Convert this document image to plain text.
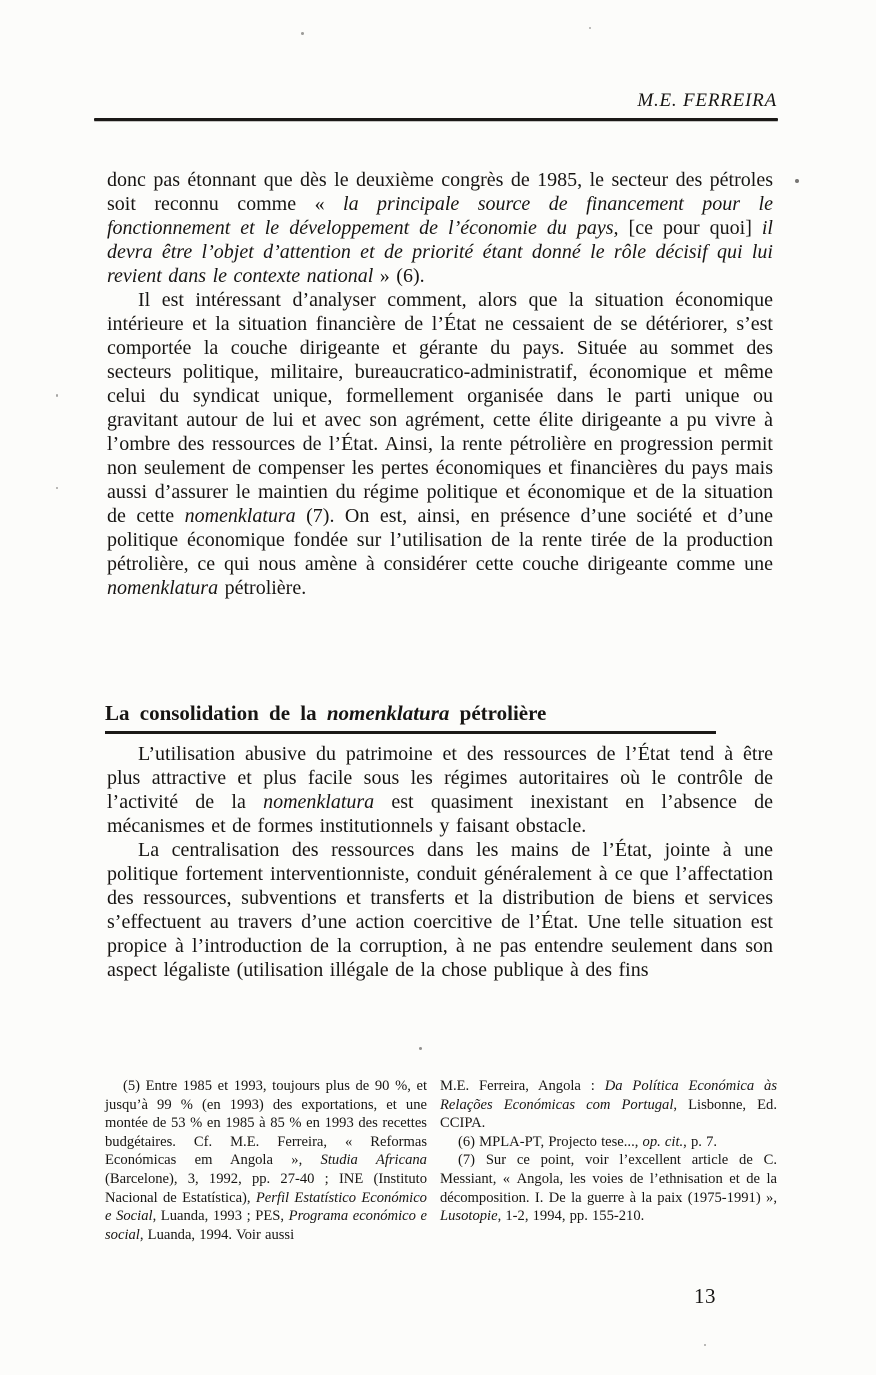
M.E. FERREIRA

donc pas étonnant que dès le deuxième congrès de 1985, le secteur des pétroles soit reconnu comme « la principale source de financement pour le fonctionnement et le développement de l’économie du pays, [ce pour quoi] il devra être l’objet d’attention et de priorité étant donné le rôle décisif qui lui revient dans le contexte national » (6).

Il est intéressant d’analyser comment, alors que la situation économique intérieure et la situation financière de l’État ne cessaient de se détériorer, s’est comportée la couche dirigeante et gérante du pays. Située au sommet des secteurs politique, militaire, bureaucratico-administratif, économique et même celui du syndicat unique, formellement organisée dans le parti unique ou gravitant autour de lui et avec son agrément, cette élite dirigeante a pu vivre à l’ombre des ressources de l’État. Ainsi, la rente pétrolière en progression permit non seulement de compenser les pertes économiques et financières du pays mais aussi d’assurer le maintien du régime politique et économique et de la situation de cette nomenklatura (7). On est, ainsi, en présence d’une société et d’une politique économique fondée sur l’utilisation de la rente tirée de la production pétrolière, ce qui nous amène à considérer cette couche dirigeante comme une nomenklatura pétrolière.

La consolidation de la nomenklatura pétrolière

L’utilisation abusive du patrimoine et des ressources de l’État tend à être plus attractive et plus facile sous les régimes autoritaires où le contrôle de l’activité de la nomenklatura est quasiment inexistant en l’absence de mécanismes et de formes institutionnels y faisant obstacle.

La centralisation des ressources dans les mains de l’État, jointe à une politique fortement interventionniste, conduit généralement à ce que l’affectation des ressources, subventions et transferts et la distribution de biens et services s’effectuent au travers d’une action coercitive de l’État. Une telle situation est propice à l’introduction de la corruption, à ne pas entendre seulement dans son aspect légaliste (utilisation illégale de la chose publique à des fins

(5) Entre 1985 et 1993, toujours plus de 90 %, et jusqu’à 99 % (en 1993) des exportations, et une montée de 53 % en 1985 à 85 % en 1993 des recettes budgétaires. Cf. M.E. Ferreira, « Reformas Económicas em Angola », Studia Africana (Barcelone), 3, 1992, pp. 27-40 ; INE (Instituto Nacional de Estatística), Perfil Estatístico Económico e Social, Luanda, 1993 ; PES, Programa económico e social, Luanda, 1994. Voir aussi

M.E. Ferreira, Angola : Da Política Económica às Relações Económicas com Portugal, Lisbonne, Ed. CCIPA.

(6) MPLA-PT, Projecto tese..., op. cit., p. 7.

(7) Sur ce point, voir l’excellent article de C. Messiant, « Angola, les voies de l’ethnisation et de la décomposition. I. De la guerre à la paix (1975-1991) », Lusotopie, 1-2, 1994, pp. 155-210.

13
